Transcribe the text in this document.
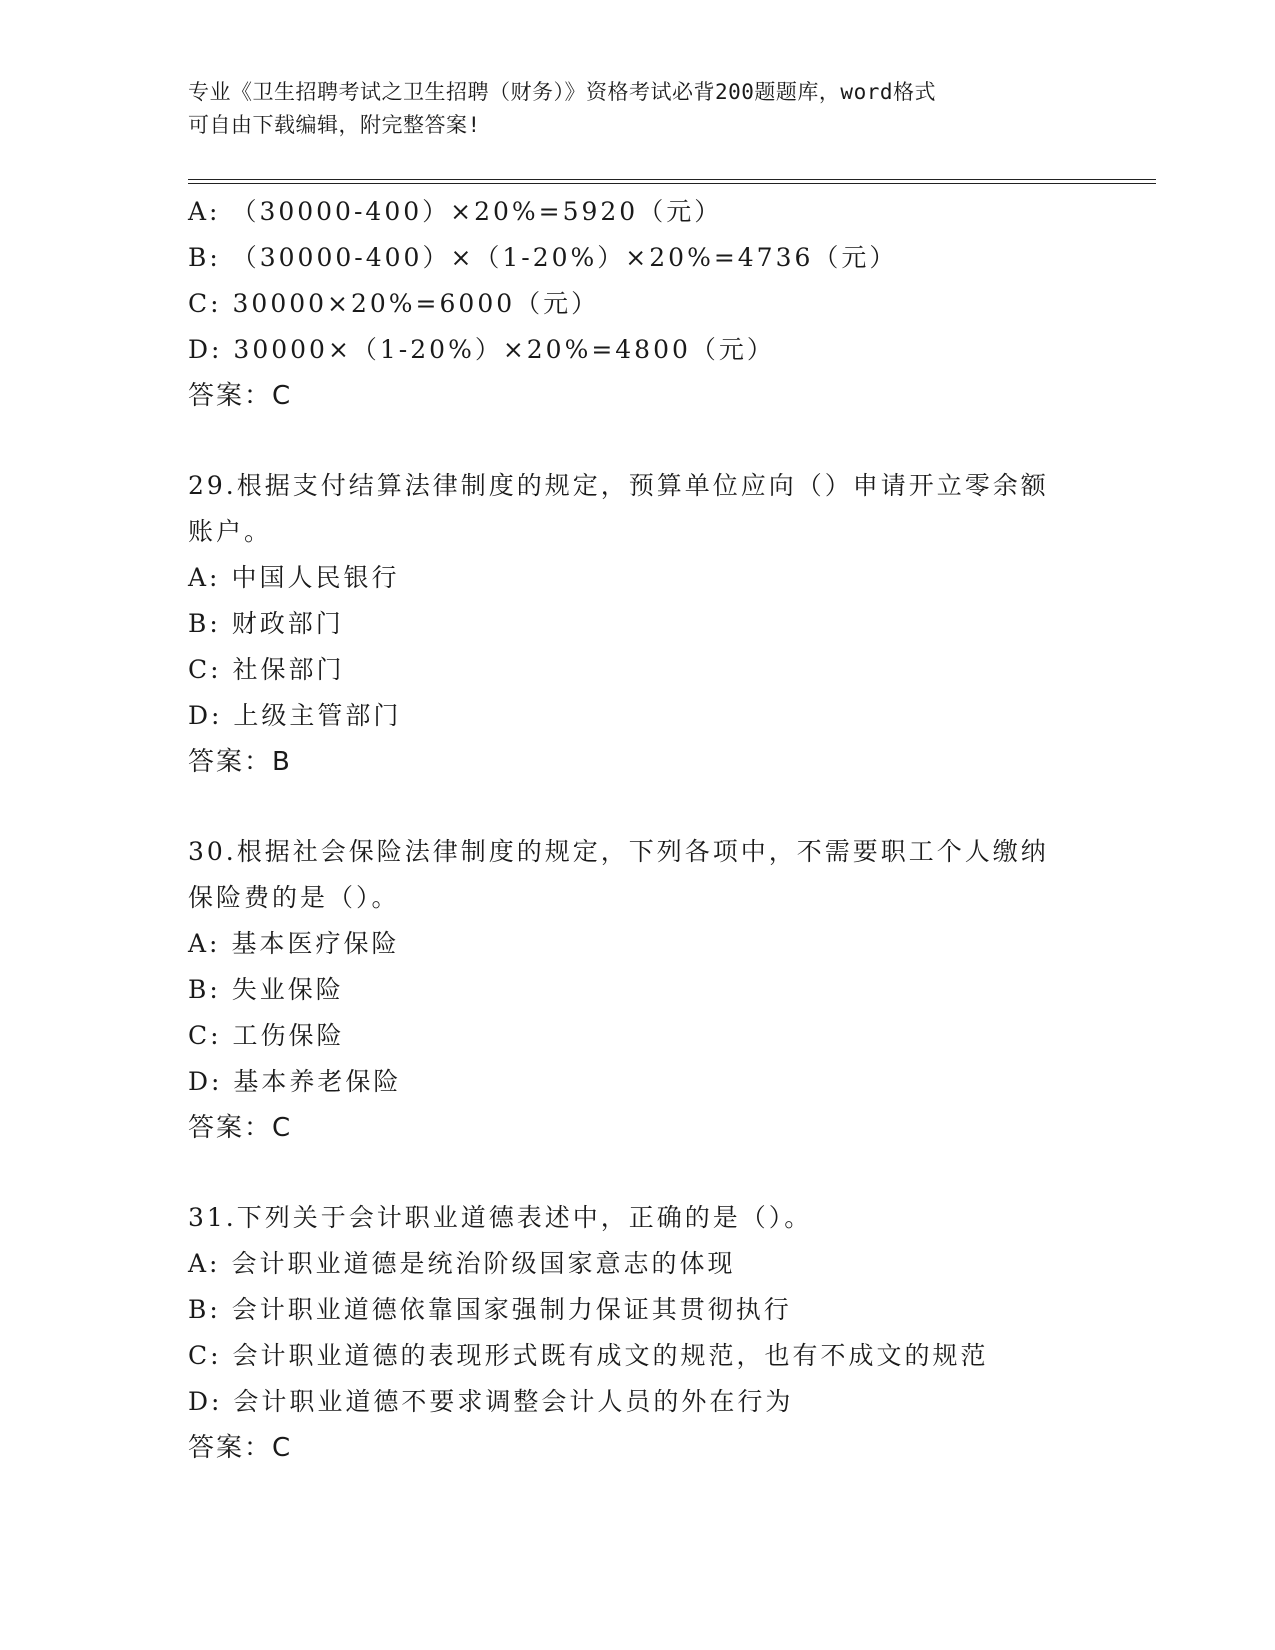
专业《卫生招聘考试之卫生招聘（财务）》资格考试必背200题题库，word格式
可自由下载编辑，附完整答案!
A: （30000-400）×20%=5920（元）
B: （30000-400）×（1-20%）×20%=4736（元）
C: 30000×20%=6000（元）
D: 30000×（1-20%）×20%=4800（元）
答案：C
29.根据支付结算法律制度的规定，预算单位应向（）申请开立零余额
账户。
A: 中国人民银行
B: 财政部门
C: 社保部门
D: 上级主管部门
答案：B
30.根据社会保险法律制度的规定，下列各项中，不需要职工个人缴纳
保险费的是（）。
A: 基本医疗保险
B: 失业保险
C: 工伤保险
D: 基本养老保险
答案：C
31.下列关于会计职业道德表述中，正确的是（）。
A: 会计职业道德是统治阶级国家意志的体现
B: 会计职业道德依靠国家强制力保证其贯彻执行
C: 会计职业道德的表现形式既有成文的规范，也有不成文的规范
D: 会计职业道德不要求调整会计人员的外在行为
答案：C
